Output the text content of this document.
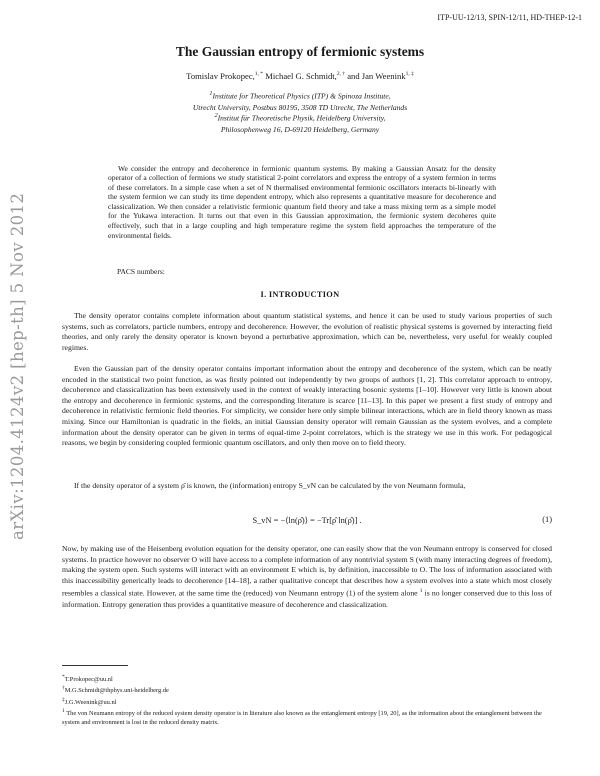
ITP-UU-12/13, SPIN-12/11, HD-THEP-12-1
arXiv:1204.4124v2 [hep-th] 5 Nov 2012
The Gaussian entropy of fermionic systems
Tomislav Prokopec,$^{1, *}$ Michael G. Schmidt,$^{2, \dagger}$ and Jan Weenink$^{1, \ddagger}$
$^1$Institute for Theoretical Physics (ITP) & Spinoza Institute,
Utrecht University, Postbus 80195, 3508 TD Utrecht, The Netherlands
$^2$Institut für Theoretische Physik, Heidelberg University,
Philosophenweg 16, D-69120 Heidelberg, Germany

We consider the entropy and decoherence in fermionic quantum systems. By making a Gaussian Ansatz for the density operator of a collection of fermions we study statistical 2-point correlators and express the entropy of a system fermion in terms of these correlators. In a simple case when a set of N thermalised environmental fermionic oscillators interacts bi-linearly with the system fermion we can study its time dependent entropy, which also represents a quantitative measure for decoherence and classicalization. We then consider a relativistic fermionic quantum field theory and take a mass mixing term as a simple model for the Yukawa interaction. It turns out that even in this Gaussian approximation, the fermionic system decoheres quite effectively, such that in a large coupling and high temperature regime the system field approaches the temperature of the environmental fields.

PACS numbers:
I. INTRODUCTION

The density operator contains complete information about quantum statistical systems, and hence it can be used to study various properties of such systems, such as correlators, particle numbers, entropy and decoherence. However, the evolution of realistic physical systems is governed by interacting field theories, and only rarely the density operator is known beyond a perturbative approximation, which can be, nevertheless, very useful for weakly coupled regimes.

Even the Gaussian part of the density operator contains important information about the entropy and decoherence of the system, which can be neatly encoded in the statistical two point function, as was firstly pointed out independently by two groups of authors [1, 2]. This correlator approach to entropy, decoherence and classicalization has been extensively used in the context of weakly interacting bosonic systems [1–10]. However very little is known about the entropy and decoherence in fermionic systems, and the corresponding literature is scarce [11–13]. In this paper we present a first study of entropy and decoherence in relativistic fermionic field theories. For simplicity, we consider here only simple bilinear interactions, which are in field theory known as mass mixing. Since our Hamiltonian is quadratic in the fields, an initial Gaussian density operator will remain Gaussian as the system evolves, and a complete information about the density operator can be given in terms of equal-time 2-point correlators, which is the strategy we use in this work. For pedagogical reasons, we begin by considering coupled fermionic quantum oscillators, and only then move on to field theory.

If the density operator of a system ρ̂ is known, the (information) entropy S_vN can be calculated by the von Neumann formula,

S_vN = −⟨ln(ρ̂)⟩ = −Tr[ρ̂ ln(ρ̂)] .	(1)

Now, by making use of the Heisenberg evolution equation for the density operator, one can easily show that the von Neumann entropy is conserved for closed systems. In practice however no observer O will have access to a complete information of any nontrivial system S (with many interacting degrees of freedom), making the system open. Such systems will interact with an environment E which is, by definition, inaccessible to O. The loss of information associated with this inaccessibility generically leads to decoherence [14–18], a rather qualitative concept that describes how a system evolves into a state which most closely resembles a classical state. However, at the same time the (reduced) von Neumann entropy (1) of the system alone $^1$ is no longer conserved due to this loss of information. Entropy generation thus provides a quantitative measure of decoherence and classicalization.

*T.Prokopec@uu.nl
†M.G.Schmidt@thphys.uni-heidelberg.de
‡J.G.Weenink@uu.nl
$^1$ The von Neumann entropy of the reduced system density operator is in literature also known as the entanglement entropy [19, 20], as the information about the entanglement between the system and environment is lost in the reduced density matrix.
